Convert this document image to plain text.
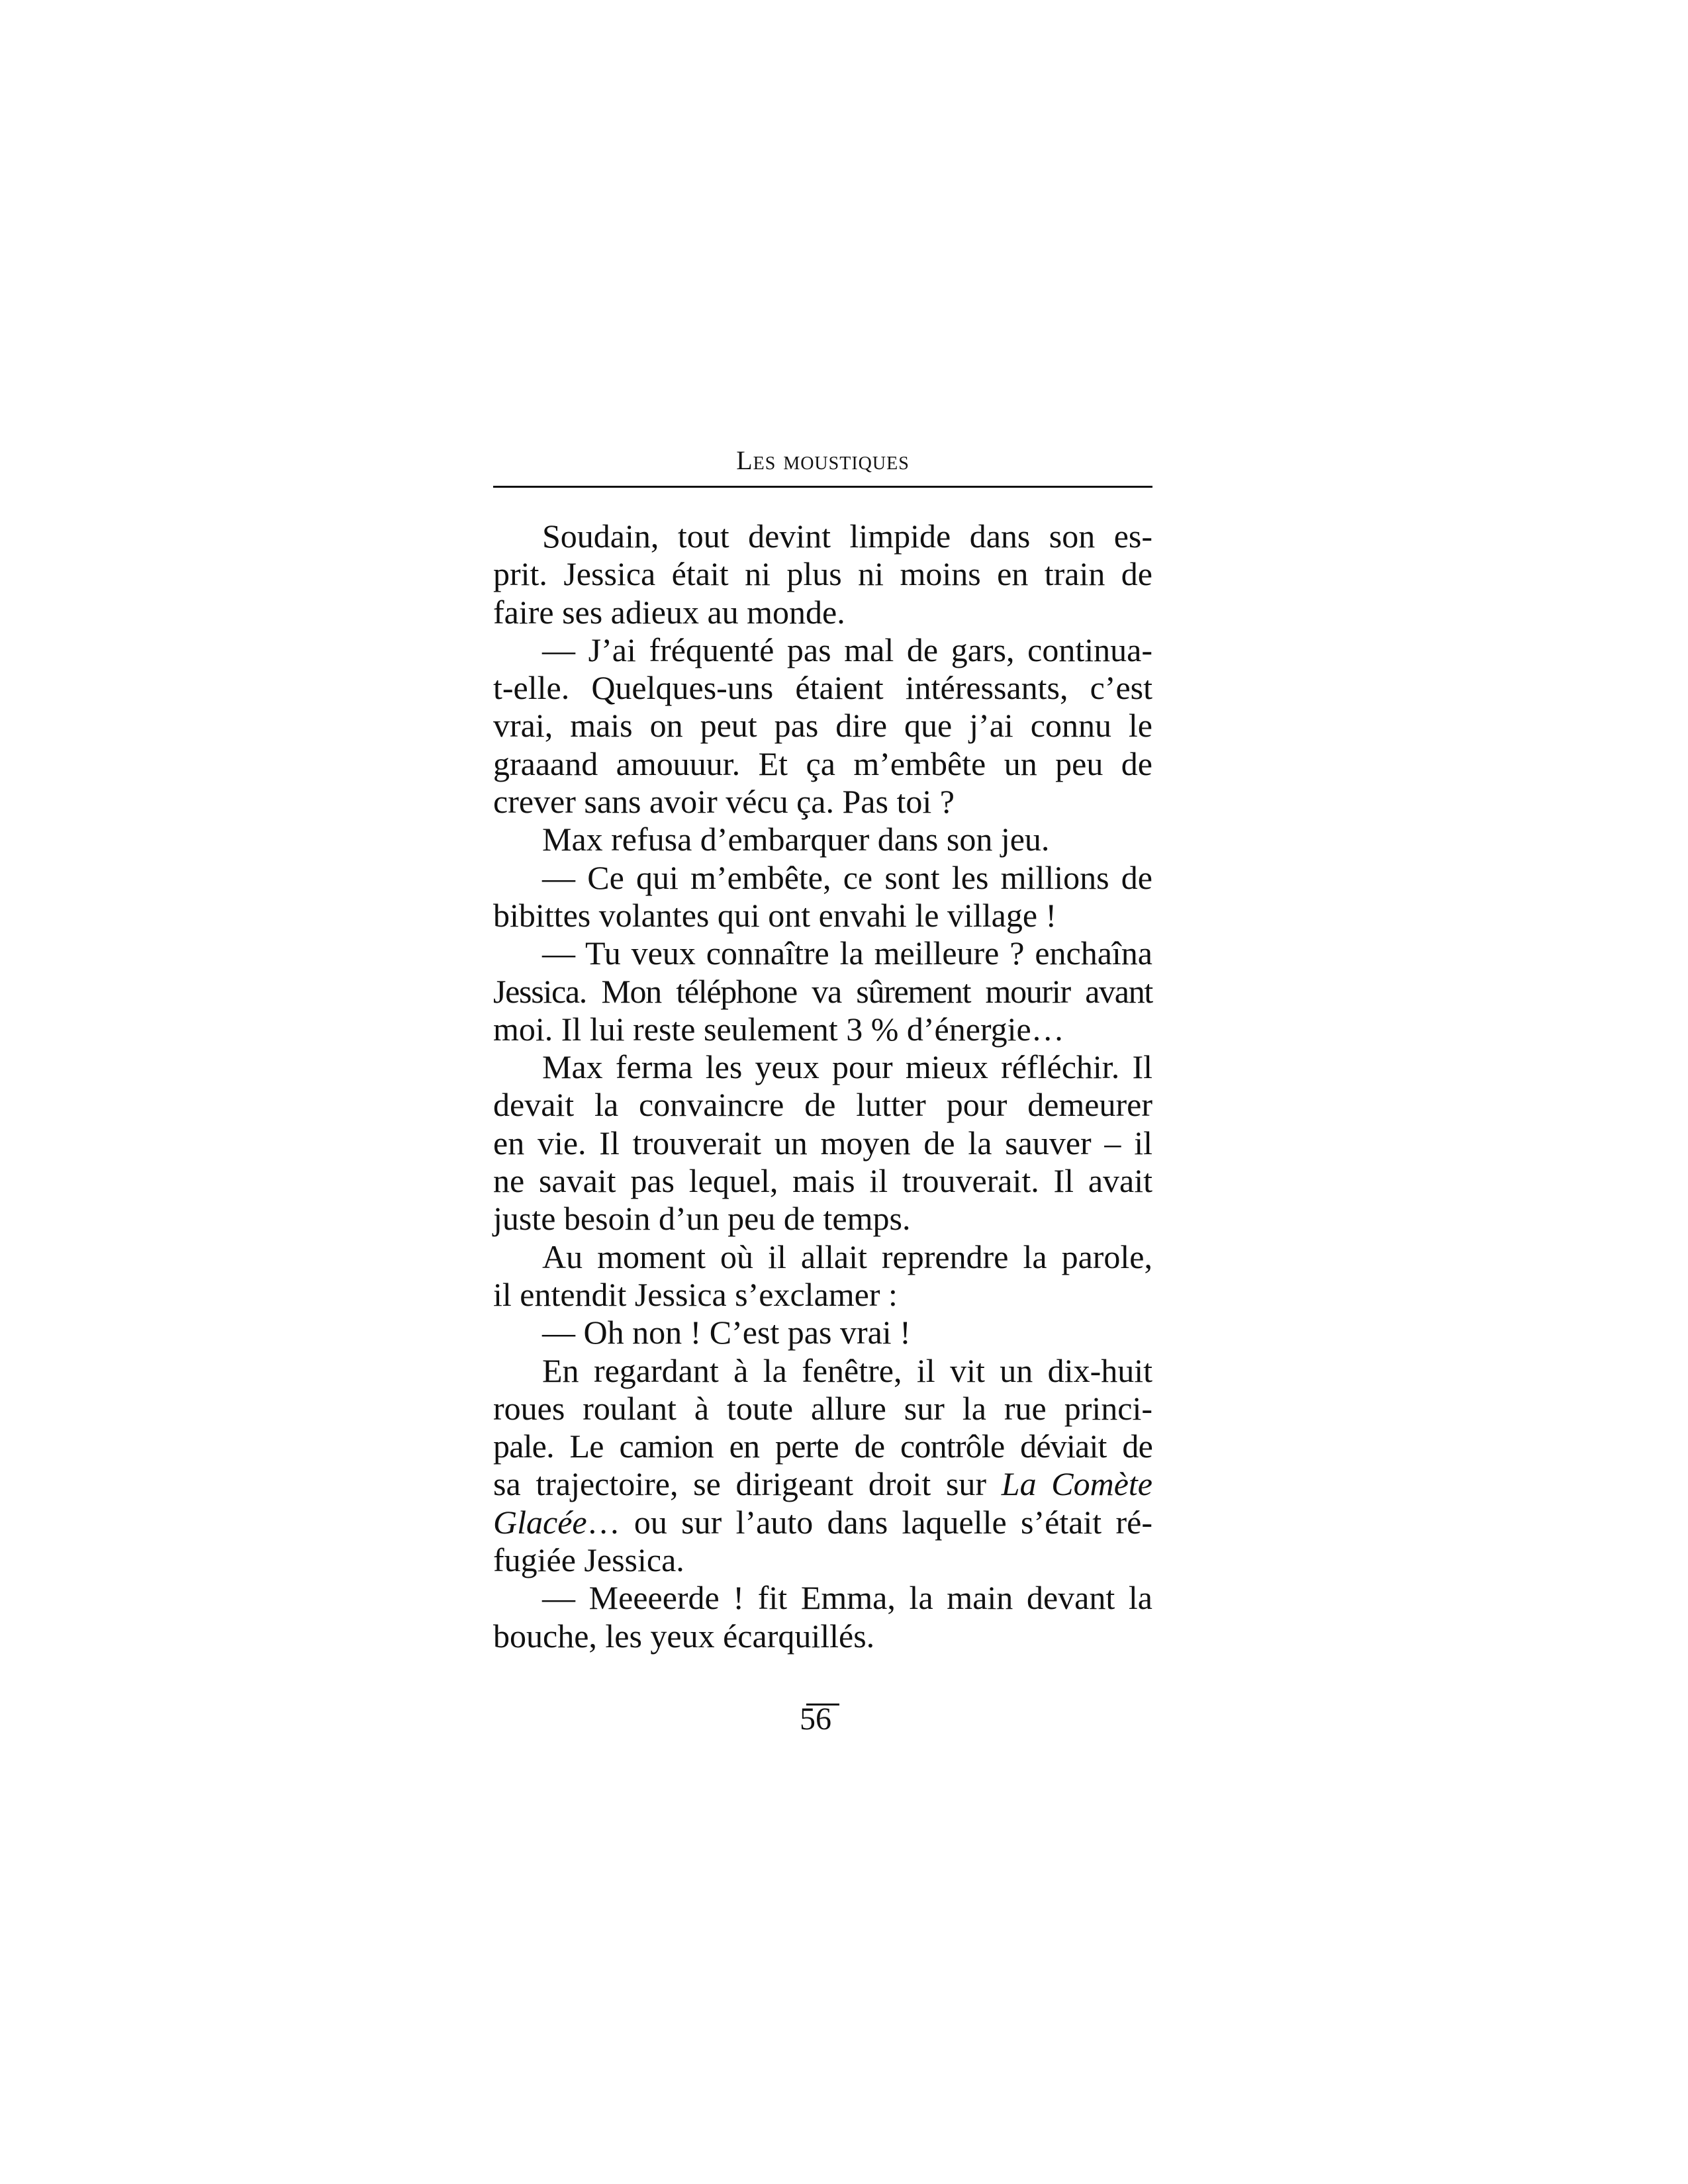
Les moustiques
Soudain, tout devint limpide dans son es-
prit. Jessica était ni plus ni moins en train de
faire ses adieux au monde.
— J’ai fréquenté pas mal de gars, continua-
t-elle. Quelques-uns étaient intéressants, c’est
vrai, mais on peut pas dire que j’ai connu le
graaand amouuur. Et ça m’embête un peu de
crever sans avoir vécu ça. Pas toi ?
Max refusa d’embarquer dans son jeu.
— Ce qui m’embête, ce sont les millions de
bibittes volantes qui ont envahi le village !
— Tu veux connaître la meilleure ? enchaîna
Jessica. Mon téléphone va sûrement mourir avant
moi. Il lui reste seulement 3 % d’énergie…
Max ferma les yeux pour mieux réfléchir. Il
devait la convaincre de lutter pour demeurer
en vie. Il trouverait un moyen de la sauver – il
ne savait pas lequel, mais il trouverait. Il avait
juste besoin d’un peu de temps.
Au moment où il allait reprendre la parole,
il entendit Jessica s’exclamer :
— Oh non ! C’est pas vrai !
En regardant à la fenêtre, il vit un dix-huit
roues roulant à toute allure sur la rue princi-
pale. Le camion en perte de contrôle déviait de
sa trajectoire, se dirigeant droit sur La Comète
Glacée… ou sur l’auto dans laquelle s’était ré-
fugiée Jessica.
— Meeeerde ! fit Emma, la main devant la
bouche, les yeux écarquillés.
56
